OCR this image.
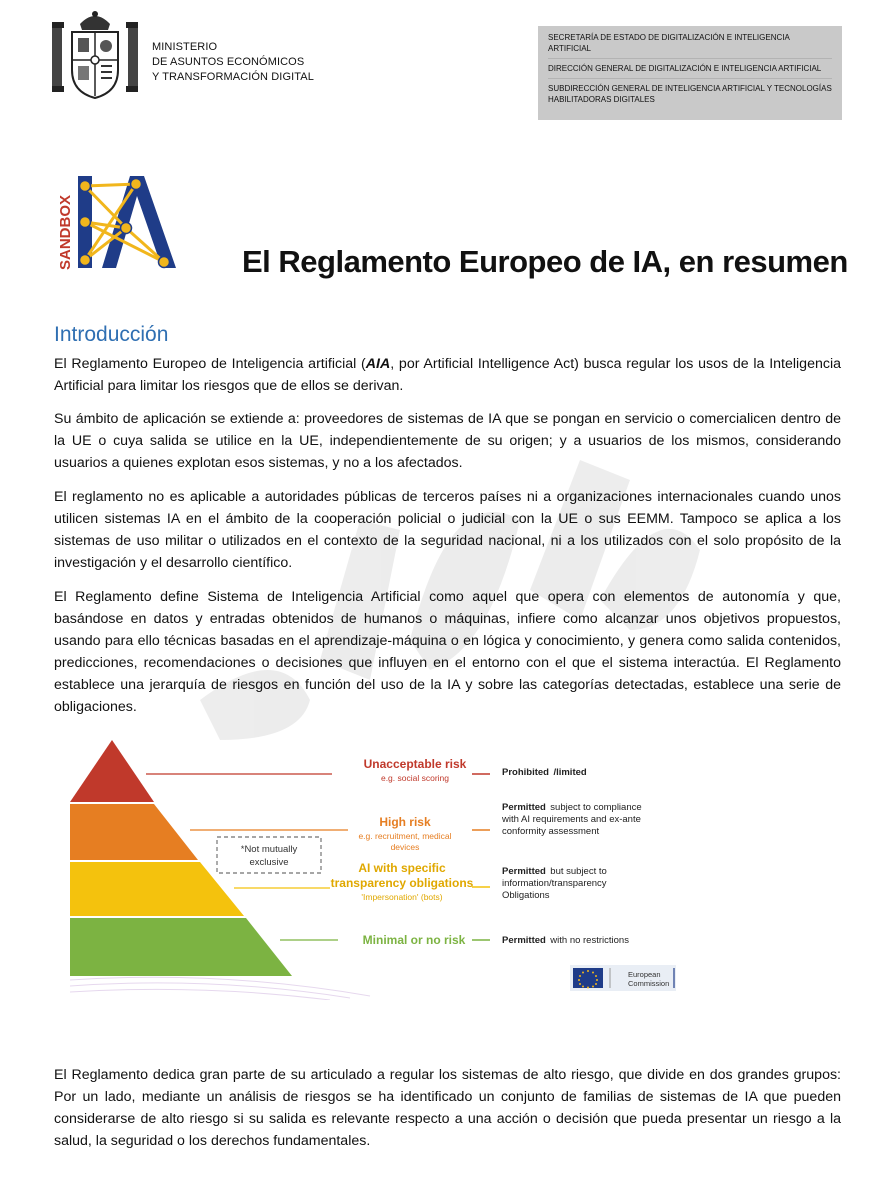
MINISTERIO
DE ASUNTOS ECONÓMICOS
Y TRANSFORMACIÓN DIGITAL
SECRETARÍA DE ESTADO DE DIGITALIZACIÓN E INTELIGENCIA ARTIFICIAL
DIRECCIÓN GENERAL DE DIGITALIZACIÓN E INTELIGENCIA ARTIFICIAL
SUBDIRECCIÓN GENERAL DE INTELIGENCIA ARTIFICIAL Y TECNOLOGÍAS HABILITADORAS DIGITALES
SANDBOX	El Reglamento Europeo de IA, en resumen
Introducción
El Reglamento Europeo de Inteligencia artificial (AIA, por Artificial Intelligence Act) busca regular los usos de la Inteligencia Artificial para limitar los riesgos que de ellos se derivan.
Su ámbito de aplicación se extiende a: proveedores de sistemas de IA que se pongan en servicio o comercialicen dentro de la UE o cuya salida se utilice en la UE, independientemente de su origen; y a usuarios de los mismos, considerando usuarios a quienes explotan esos sistemas, y no a los afectados.
El reglamento no es aplicable a autoridades públicas de terceros países ni a organizaciones internacionales cuando unos utilicen sistemas IA en el ámbito de la cooperación policial o judicial con la UE o sus EEMM. Tampoco se aplica a los sistemas de uso militar o utilizados en el contexto de la seguridad nacional, ni a los utilizados con el solo propósito de la investigación y el desarrollo científico.
El Reglamento define Sistema de Inteligencia Artificial como aquel que opera con elementos de autonomía y que, basándose en datos y entradas obtenidos de humanos o máquinas, infiere como alcanzar unos objetivos propuestos, usando para ello técnicas basadas en el aprendizaje-máquina o en lógica y conocimiento, y genera como salida contenidos, predicciones, recomendaciones o decisiones que influyen en el entorno con el que el sistema interactúa. El Reglamento establece una jerarquía de riesgos en función del uso de la IA y sobre las categorías detectadas, establece una serie de obligaciones.
Unacceptable risk
e.g. social scoring
High risk
e.g. recruitment, medical
devices
AI with specific
transparency obligations
'Impersonation' (bots)
Minimal or no risk
*Not mutually
exclusive
Prohibited /limited
Permitted subject to compliance
with AI requirements and ex-ante
conformity assessment
Permitted but subject to
information/transparency
Obligations
Permitted with no restrictions
European
Commission
El Reglamento dedica gran parte de su articulado a regular los sistemas de alto riesgo, que divide en dos grandes grupos: Por un lado, mediante un análisis de riesgos se ha identificado un conjunto de familias de sistemas de IA que pueden considerarse de alto riesgo si su salida es relevante respecto a una acción o decisión que pueda presentar un riesgo a la salud, la seguridad o los derechos fundamentales.
